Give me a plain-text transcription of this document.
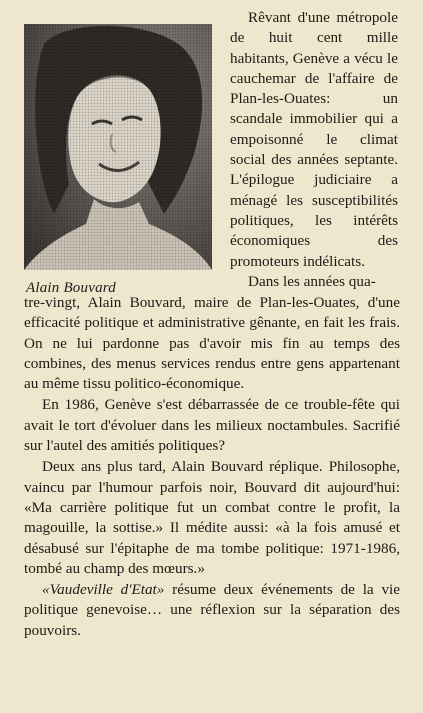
Alain Bouvard

Rêvant d'une métropole de huit cent mille habitants, Genève a vécu le cauchemar de l'affaire de Plan-les-Ouates: un scandale immobilier qui a empoisonné le climat social des années septante. L'épilogue judiciaire a ménagé les susceptibilités politiques, les intérêts économiques des promoteurs indélicats.

Dans les années qua-

tre-vingt, Alain Bouvard, maire de Plan-les-Ouates, d'une efficacité politique et administrative gênante, en fait les frais. On ne lui pardonne pas d'avoir mis fin au temps des combines, des menus services rendus entre gens appartenant au même tissu politico-économique.

En 1986, Genève s'est débarrassée de ce trouble-fête qui avait le tort d'évoluer dans les milieux noctambules. Sacrifié sur l'autel des amitiés politiques?

Deux ans plus tard, Alain Bouvard réplique. Philosophe, vaincu par l'humour parfois noir, Bouvard dit aujourd'hui: «Ma carrière politique fut un combat contre le profit, la magouille, la sottise.» Il médite aussi: «à la fois amusé et désabusé sur l'épitaphe de ma tombe politique: 1971-1986, tombé au champ des mœurs.»

«Vaudeville d'Etat» résume deux événements de la vie politique genevoise… une réflexion sur la séparation des pouvoirs.
